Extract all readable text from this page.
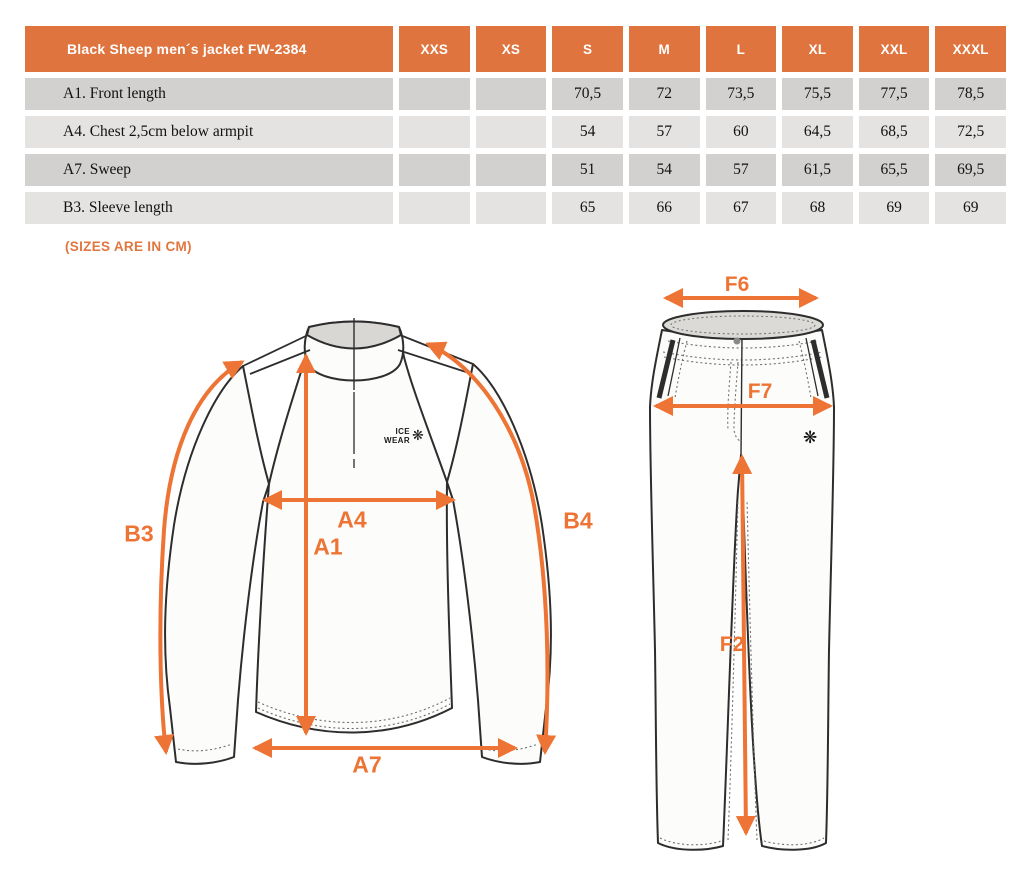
Black Sheep men´s jacket FW-2384	XXS	XS	S	M	L	XL	XXL	XXXL
A1. Front length			70,5	72	73,5	75,5	77,5	78,5
A4. Chest 2,5cm below armpit			54	57	60	64,5	68,5	72,5
A7. Sweep			51	54	57	61,5	65,5	69,5
B3. Sleeve length			65	66	67	68	69	69
(SIZES ARE IN CM)
A4
A1
A7
B3	B4
F6
F7
F2
ICE
WEAR ❋	❋
